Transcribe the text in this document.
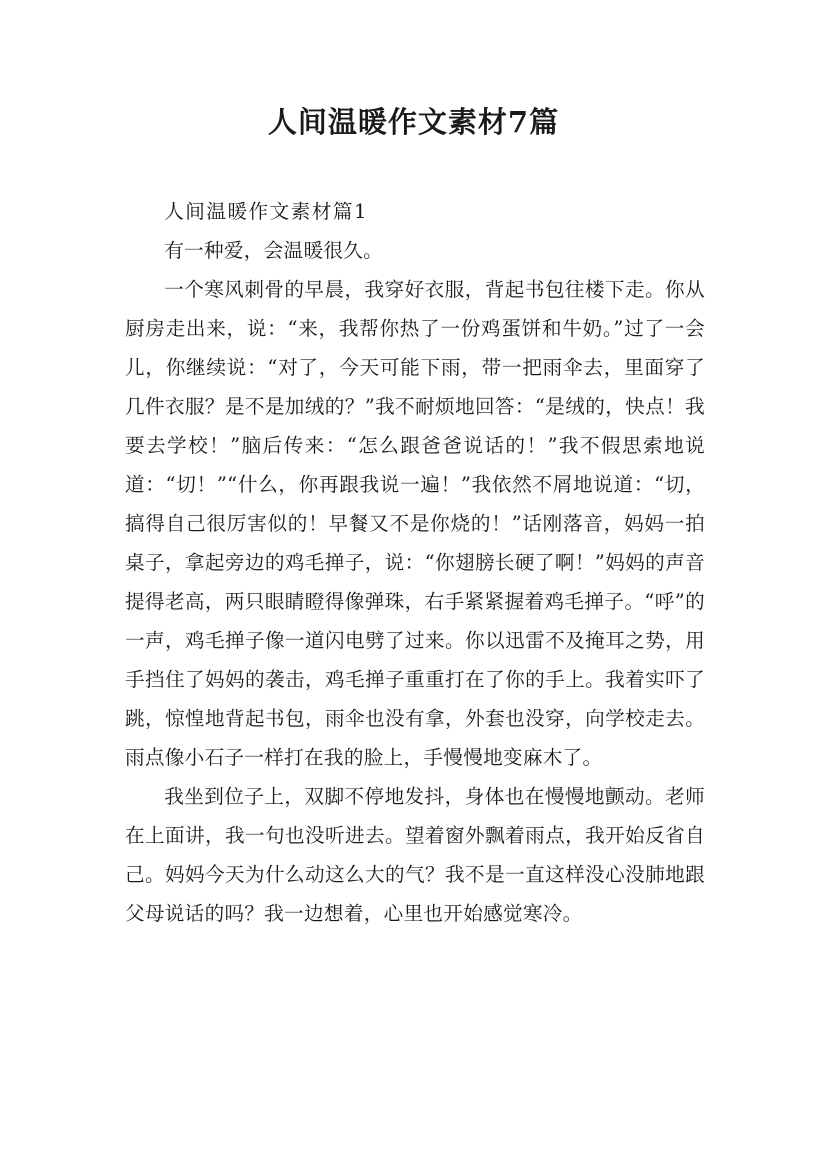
人间温暖作文素材7篇

人间温暖作文素材篇1

有一种爱，会温暖很久。

一个寒风刺骨的早晨，我穿好衣服，背起书包往楼下走。你从厨房走出来，说：“来，我帮你热了一份鸡蛋饼和牛奶。”过了一会儿，你继续说：“对了，今天可能下雨，带一把雨伞去，里面穿了几件衣服？是不是加绒的？”我不耐烦地回答：“是绒的，快点！我要去学校！”脑后传来：“怎么跟爸爸说话的！”我不假思索地说道：“切！”“什么，你再跟我说一遍！”我依然不屑地说道：“切，搞得自己很厉害似的！早餐又不是你烧的！”话刚落音，妈妈一拍桌子，拿起旁边的鸡毛掸子，说：“你翅膀长硬了啊！”妈妈的声音提得老高，两只眼睛瞪得像弹珠，右手紧紧握着鸡毛掸子。“呼”的一声，鸡毛掸子像一道闪电劈了过来。你以迅雷不及掩耳之势，用手挡住了妈妈的袭击，鸡毛掸子重重打在了你的手上。我着实吓了跳，惊惶地背起书包，雨伞也没有拿，外套也没穿，向学校走去。雨点像小石子一样打在我的脸上，手慢慢地变麻木了。

我坐到位子上，双脚不停地发抖，身体也在慢慢地颤动。老师在上面讲，我一句也没听进去。望着窗外飘着雨点，我开始反省自己。妈妈今天为什么动这么大的气？我不是一直这样没心没肺地跟父母说话的吗？我一边想着，心里也开始感觉寒冷。
